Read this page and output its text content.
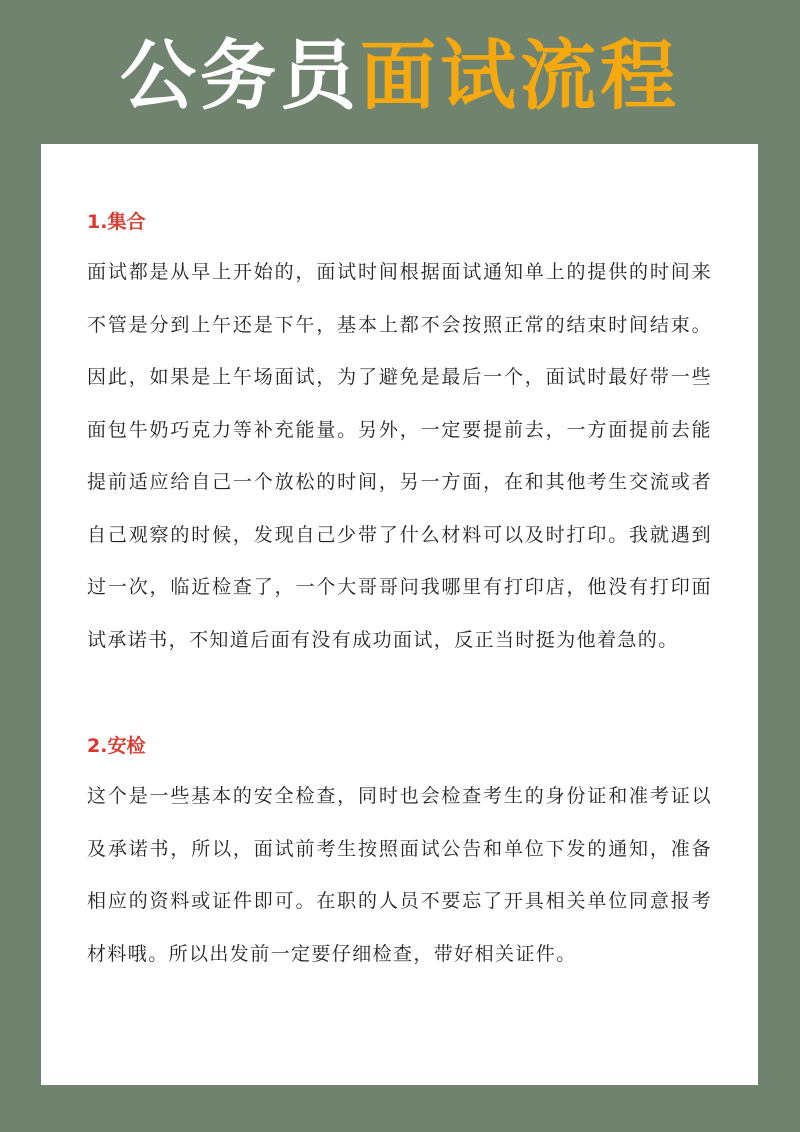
公务员面试流程
1.集合

面试都是从早上开始的，面试时间根据面试通知单上的提供的时间来不管是分到上午还是下午，基本上都不会按照正常的结束时间结束。因此，如果是上午场面试，为了避免是最后一个，面试时最好带一些面包牛奶巧克力等补充能量。另外，一定要提前去，一方面提前去能提前适应给自己一个放松的时间，另一方面，在和其他考生交流或者自己观察的时候，发现自己少带了什么材料可以及时打印。我就遇到过一次，临近检查了，一个大哥哥问我哪里有打印店，他没有打印面试承诺书，不知道后面有没有成功面试，反正当时挺为他着急的。

2.安检

这个是一些基本的安全检查，同时也会检查考生的身份证和准考证以及承诺书，所以，面试前考生按照面试公告和单位下发的通知，准备相应的资料或证件即可。在职的人员不要忘了开具相关单位同意报考材料哦。所以出发前一定要仔细检查，带好相关证件。
